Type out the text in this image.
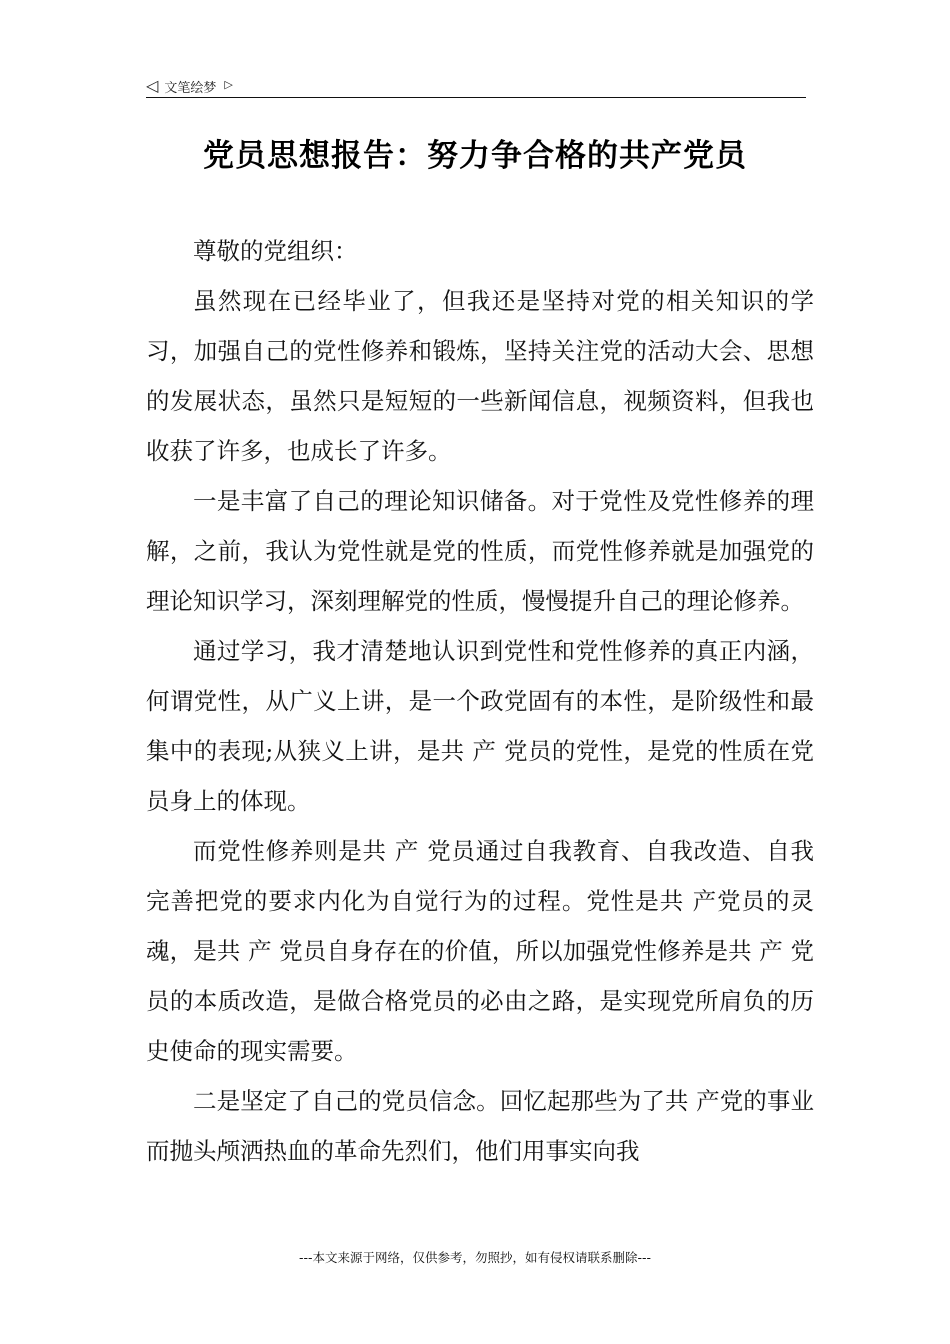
◁ 文笔绘梦 ▷
党员思想报告：努力争合格的共产党员

尊敬的党组织：

虽然现在已经毕业了，但我还是坚持对党的相关知识的学习，加强自己的党性修养和锻炼，坚持关注党的活动大会、思想的发展状态，虽然只是短短的一些新闻信息，视频资料，但我也收获了许多，也成长了许多。

一是丰富了自己的理论知识储备。对于党性及党性修养的理解，之前，我认为党性就是党的性质，而党性修养就是加强党的理论知识学习，深刻理解党的性质，慢慢提升自己的理论修养。

通过学习，我才清楚地认识到党性和党性修养的真正内涵，何谓党性，从广义上讲，是一个政党固有的本性，是阶级性和最集中的表现;从狭义上讲，是共 产 党员的党性，是党的性质在党员身上的体现。

而党性修养则是共 产 党员通过自我教育、自我改造、自我完善把党的要求内化为自觉行为的过程。党性是共 产党员的灵魂，是共 产 党员自身存在的价值，所以加强党性修养是共 产 党员的本质改造，是做合格党员的必由之路，是实现党所肩负的历史使命的现实需要。

二是坚定了自己的党员信念。回忆起那些为了共 产党的事业而抛头颅洒热血的革命先烈们，他们用事实向我

---本文来源于网络，仅供参考，勿照抄，如有侵权请联系删除---
